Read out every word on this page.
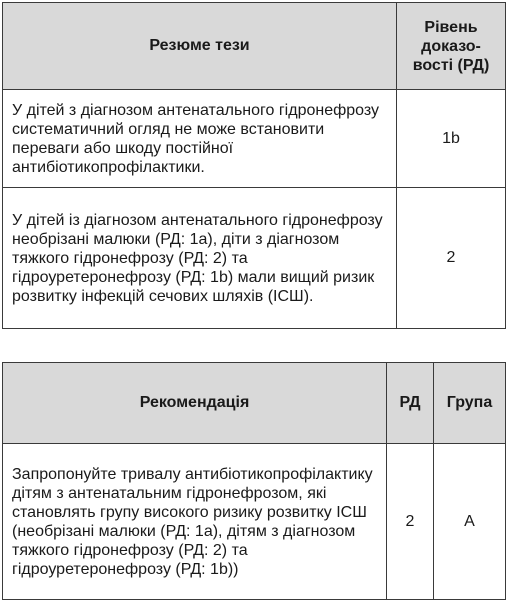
Резюме тези	Рівень
доказо-
вості (РД)

У дітей з діагнозом антенатального гідронефрозу систематичний огляд не може встановити переваги або шкоду постійної антибіотикопрофілактики.	1b
У дітей із діагнозом антенатального гідронефрозу необрізані малюки (РД: 1а), діти з діагнозом тяжкого гідронефрозу (РД: 2) та гідроуретеронефрозу (РД: 1b) мали вищий ризик розвитку інфекцій сечових шляхів (ІСШ).	2
Рекомендація	РД	Група
Запропонуйте тривалу антибіотикопрофілактику дітям з антенатальним гідронефрозом, які становлять групу високого ризику розвитку ІСШ (необрізані малюки (РД: 1а), дітям з діагнозом тяжкого гідронефрозу (РД: 2) та гідроуретеронефрозу (РД: 1b))	2	A
